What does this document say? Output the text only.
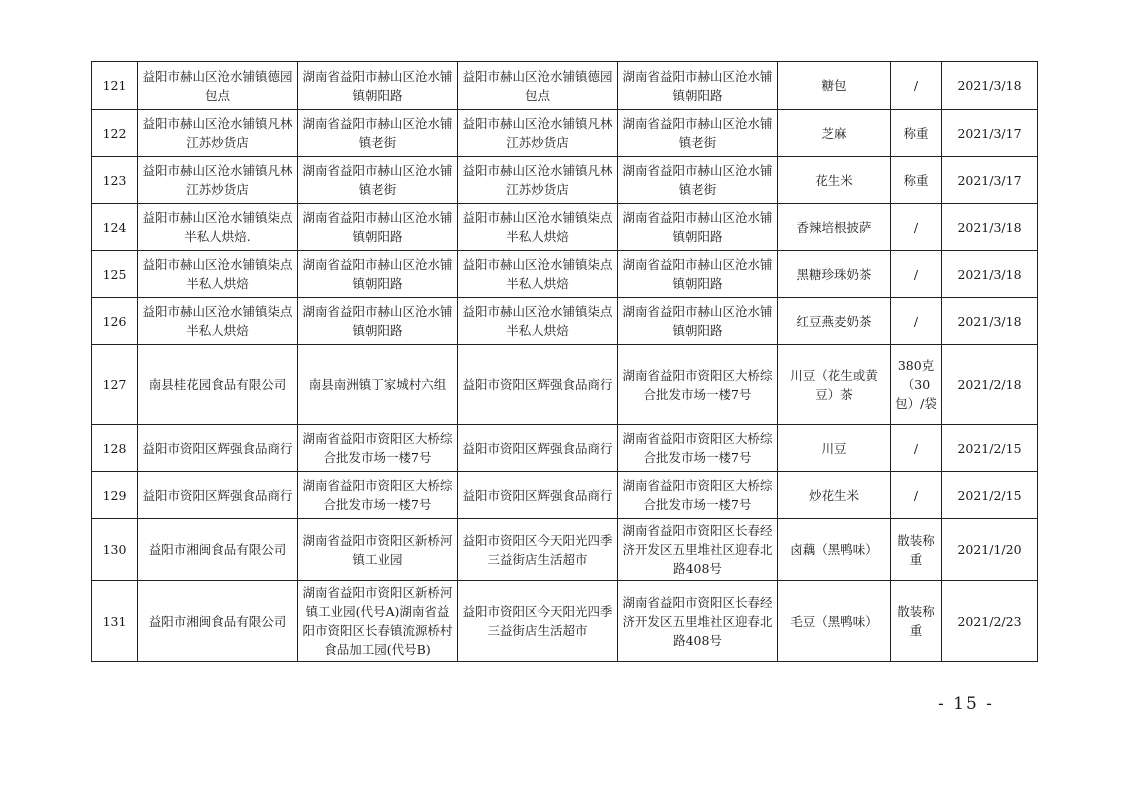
121	益阳市赫山区沧水铺镇德园包点	湖南省益阳市赫山区沧水铺镇朝阳路	益阳市赫山区沧水铺镇德园包点	湖南省益阳市赫山区沧水铺镇朝阳路	糖包	/	2021/3/18
122	益阳市赫山区沧水铺镇凡林江苏炒货店	湖南省益阳市赫山区沧水铺镇老街	益阳市赫山区沧水铺镇凡林江苏炒货店	湖南省益阳市赫山区沧水铺镇老街	芝麻	称重	2021/3/17
123	益阳市赫山区沧水铺镇凡林江苏炒货店	湖南省益阳市赫山区沧水铺镇老街	益阳市赫山区沧水铺镇凡林江苏炒货店	湖南省益阳市赫山区沧水铺镇老街	花生米	称重	2021/3/17
124	益阳市赫山区沧水铺镇柒点半私人烘焙.	湖南省益阳市赫山区沧水铺镇朝阳路	益阳市赫山区沧水铺镇柒点半私人烘焙	湖南省益阳市赫山区沧水铺镇朝阳路	香辣培根披萨	/	2021/3/18
125	益阳市赫山区沧水铺镇柒点半私人烘焙	湖南省益阳市赫山区沧水铺镇朝阳路	益阳市赫山区沧水铺镇柒点半私人烘焙	湖南省益阳市赫山区沧水铺镇朝阳路	黑糖珍珠奶茶	/	2021/3/18
126	益阳市赫山区沧水铺镇柒点半私人烘焙	湖南省益阳市赫山区沧水铺镇朝阳路	益阳市赫山区沧水铺镇柒点半私人烘焙	湖南省益阳市赫山区沧水铺镇朝阳路	红豆燕麦奶茶	/	2021/3/18
127	南县桂花园食品有限公司	南县南洲镇丁家城村六组	益阳市资阳区辉强食品商行	湖南省益阳市资阳区大桥综合批发市场一楼7号	川豆（花生或黄豆）茶	380克（30包）/袋	2021/2/18
128	益阳市资阳区辉强食品商行	湖南省益阳市资阳区大桥综合批发市场一楼7号	益阳市资阳区辉强食品商行	湖南省益阳市资阳区大桥综合批发市场一楼7号	川豆	/	2021/2/15
129	益阳市资阳区辉强食品商行	湖南省益阳市资阳区大桥综合批发市场一楼7号	益阳市资阳区辉强食品商行	湖南省益阳市资阳区大桥综合批发市场一楼7号	炒花生米	/	2021/2/15
130	益阳市湘闽食品有限公司	湖南省益阳市资阳区新桥河镇工业园	益阳市资阳区今天阳光四季三益街店生活超市	湖南省益阳市资阳区长春经济开发区五里堆社区迎春北路408号	卤藕（黑鸭味）	散装称重	2021/1/20
131	益阳市湘闽食品有限公司	湖南省益阳市资阳区新桥河镇工业园(代号A)湖南省益阳市资阳区长春镇流源桥村食品加工园(代号B)	益阳市资阳区今天阳光四季三益街店生活超市	湖南省益阳市资阳区长春经济开发区五里堆社区迎春北路408号	毛豆（黑鸭味）	散装称重	2021/2/23
- 15 -
